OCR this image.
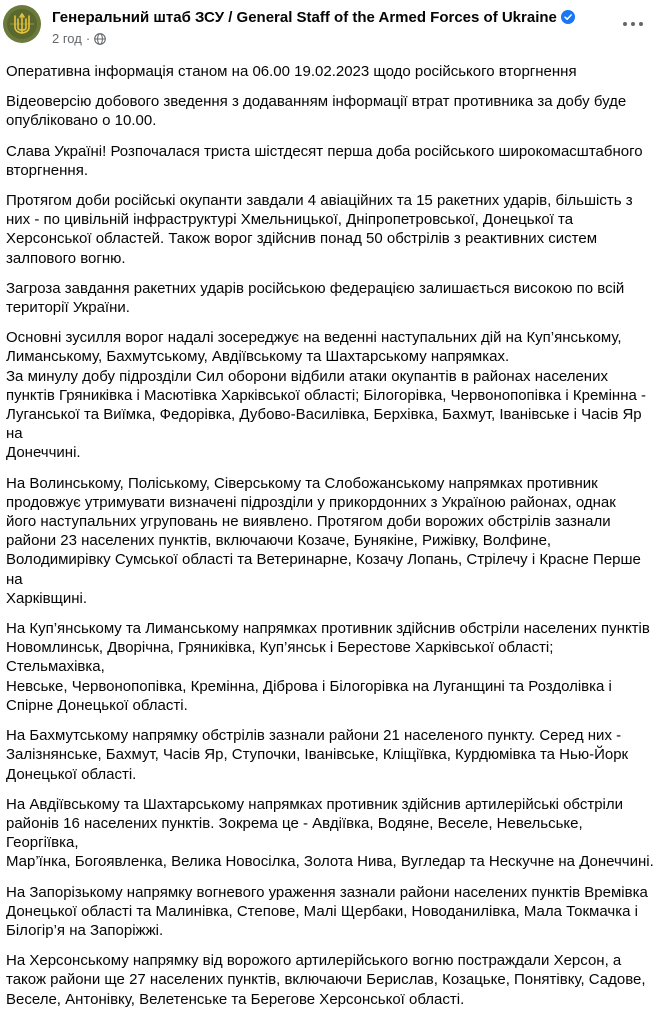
Генеральний штаб ЗСУ / General Staff of the Armed Forces of Ukraine
2 год ·

Оперативна інформація станом на 06.00 19.02.2023 щодо російського вторгнення

Відеоверсію добового зведення з додаванням інформації втрат противника за добу буде
опубліковано о 10.00.

Слава Україні! Розпочалася триста шістдесят перша доба російського широкомасштабного
вторгнення.

Протягом доби російські окупанти завдали 4 авіаційних та 15 ракетних ударів, більшість з
них - по цивільній інфраструктурі Хмельницької, Дніпропетровської, Донецької та
Херсонської областей. Також ворог здійснив понад 50 обстрілів з реактивних систем
залпового вогню.

Загроза завдання ракетних ударів російською федерацією залишається високою по всій
території України.

Основні зусилля ворог надалі зосереджує на веденні наступальних дій на Куп’янському,
Лиманському, Бахмутському, Авдіївському та Шахтарському напрямках.
За минулу добу підрозділи Сил оборони відбили атаки окупантів в районах населених
пунктів Гряниківка і Масютівка Харківської області; Білогорівка, Червонопопівка і Кремінна -
Луганської та Виїмка, Федорівка, Дубово-Василівка, Берхівка, Бахмут, Іванівське і Часів Яр на
Донеччині.

На Волинському, Поліському, Сіверському та Слобожанському напрямках противник
продовжує утримувати визначені підрозділи у прикордонних з Україною районах, однак
його наступальних угруповань не виявлено. Протягом доби ворожих обстрілів зазнали
райони 23 населених пунктів, включаючи Козаче, Бунякіне, Рижівку, Волфине,
Володимирівку Сумської області та Ветеринарне, Козачу Лопань, Стрілечу і Красне Перше на
Харківщині.

На Куп’янському та Лиманському напрямках противник здійснив обстріли населених пунктів
Новомлинськ, Дворічна, Гряниківка, Куп’янськ і Берестове Харківської області; Стельмахівка,
Невське, Червонопопівка, Кремінна, Діброва і Білогорівка на Луганщині та Роздолівка і
Спірне Донецької області.

На Бахмутському напрямку обстрілів зазнали райони 21 населеного пункту. Серед них -
Залізнянське, Бахмут, Часів Яр, Ступочки, Іванівське, Кліщіївка, Курдюмівка та Нью-Йорк
Донецької області.

На Авдіївському та Шахтарському напрямках противник здійснив артилерійські обстріли
районів 16 населених пунктів. Зокрема це - Авдіївка, Водяне, Веселе, Невельське, Георгіївка,
Мар’їнка, Богоявленка, Велика Новосілка, Золота Нива, Вугледар та Нескучне на Донеччині.

На Запорізькому напрямку вогневого ураження зазнали райони населених пунктів Времівка
Донецької області та Малинівка, Степове, Малі Щербаки, Новоданилівка, Мала Токмачка і
Білогір’я на Запоріжжі.

На Херсонському напрямку від ворожого артилерійського вогню постраждали Херсон, а
також райони ще 27 населених пунктів, включаючи Берислав, Козацьке, Понятівку, Садове,
Веселе, Антонівку, Велетенське та Берегове Херсонської області.
